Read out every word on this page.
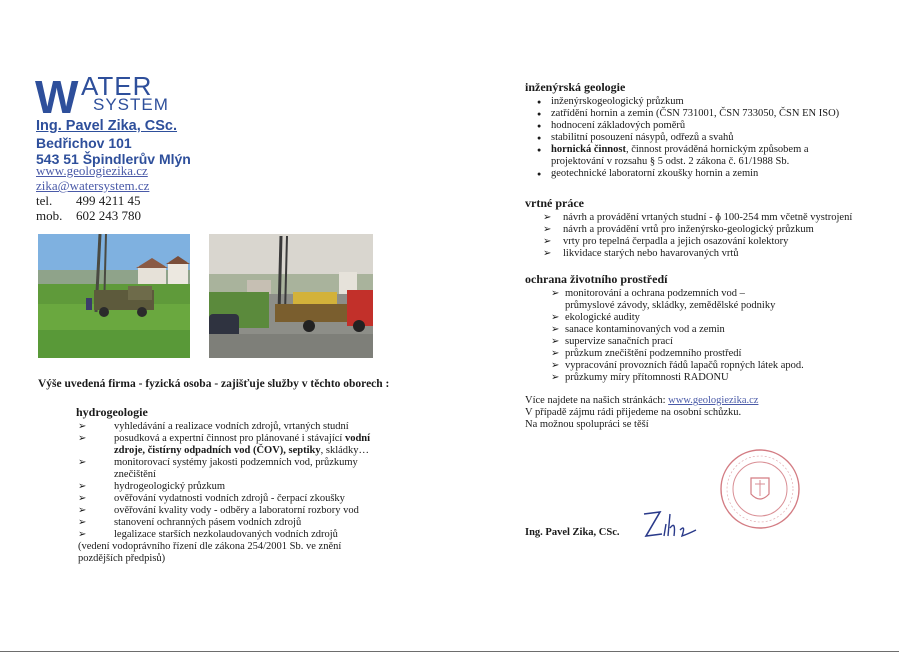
W ATER
SYSTEM
Ing. Pavel Zika, CSc.
Bedřichov 101
543 51 Špindlerův Mlýn
www.geologiezika.cz
zika@watersystem.cz
tel. 499 4211 45
mob. 602 243 780
Výše uvedená firma - fyzická osoba - zajišťuje služby v těchto oborech :
hydrogeologie
➢ vyhledávání a realizace vodních zdrojů, vrtaných studní
➢ posudková a expertní činnost pro plánované i stávající vodní
zdroje, čistírny odpadních vod (ČOV), septiky, skládky…
➢ monitorovací systémy jakosti podzemních vod, průzkumy znečištění
➢ hydrogeologický průzkum
➢ ověřování vydatnosti vodních zdrojů - čerpací zkoušky
➢ ověřování kvality vody - odběry a laboratorní rozbory vod
➢ stanovení ochranných pásem vodních zdrojů
➢ legalizace starších nezkolaudovaných vodních zdrojů
(vedení vodoprávního řízení dle zákona 254/2001 Sb. ve znění
pozdějších předpisů)
inženýrská geologie
● inženýrskogeologický průzkum
● zatřídění hornin a zemin (ČSN 731001, ČSN 733050, ČSN EN ISO)
● hodnocení základových poměrů
● stabilitní posouzení násypů, odřezů a svahů
● hornická činnost, činnost prováděná hornickým způsobem a
projektování v rozsahu § 5 odst. 2 zákona č. 61/1988 Sb.
● geotechnické laboratorní zkoušky hornin a zemin
vrtné práce
➢ návrh a provádění vrtaných studní - ɸ 100-254 mm včetně vystrojení
➢ návrh a provádění vrtů pro inženýrsko-geologický průzkum
➢ vrty pro tepelná čerpadla a jejich osazování kolektory
➢ likvidace starých nebo havarovaných vrtů
ochrana životního prostředí
➢ monitorování a ochrana podzemních vod –
průmyslové závody, skládky, zemědělské podniky
➢ ekologické audity
➢ sanace kontaminovaných vod a zemin
➢ supervize sanačních prací
➢ průzkum znečištění podzemního prostředí
➢ vypracování provozních řádů lapačů ropných látek apod.
➢ průzkumy míry přítomnosti RADONU
Více najdete na našich stránkách: www.geologiezika.cz
V případě zájmu rádi přijedeme na osobní schůzku.
Na možnou spolupráci se těší
Ing. Pavel Zika, CSc.
